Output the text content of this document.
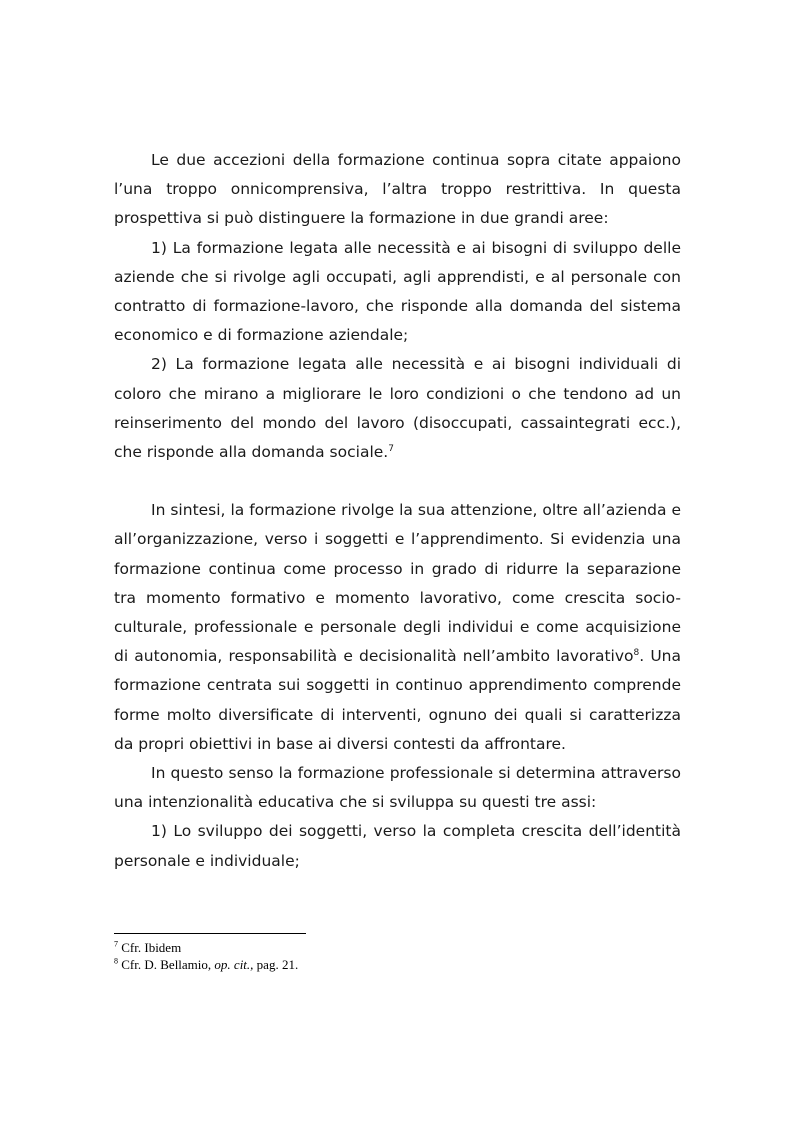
Le due accezioni della formazione continua sopra citate appaiono l’una troppo onnicomprensiva, l’altra troppo restrittiva. In questa prospettiva si può distinguere la formazione in due grandi aree:

1) La formazione legata alle necessità e ai bisogni di sviluppo delle aziende che si rivolge agli occupati, agli apprendisti, e al personale con contratto di formazione-lavoro, che risponde alla domanda del sistema economico e di formazione aziendale;

2) La formazione legata alle necessità e ai bisogni individuali di coloro che mirano a migliorare le loro condizioni o che tendono ad un reinserimento del mondo del lavoro (disoccupati, cassaintegrati ecc.), che risponde alla domanda sociale.$^7$

In sintesi, la formazione rivolge la sua attenzione, oltre all’azienda e all’organizzazione, verso i soggetti e l’apprendimento. Si evidenzia una formazione continua come processo in grado di ridurre la separazione tra momento formativo e momento lavorativo, come crescita socio-culturale, professionale e personale degli individui e come acquisizione di autonomia, responsabilità e decisionalità nell’ambito lavorativo$^8$. Una formazione centrata sui soggetti in continuo apprendimento comprende forme molto diversificate di interventi, ognuno dei quali si caratterizza da propri obiettivi in base ai diversi contesti da affrontare.

In questo senso la formazione professionale si determina attraverso una intenzionalità educativa che si sviluppa su questi tre assi:

1) Lo sviluppo dei soggetti, verso la completa crescita dell’identità personale e individuale;

$^7$ Cfr. Ibidem

$^8$ Cfr. D. Bellamio, op. cit., pag. 21.
